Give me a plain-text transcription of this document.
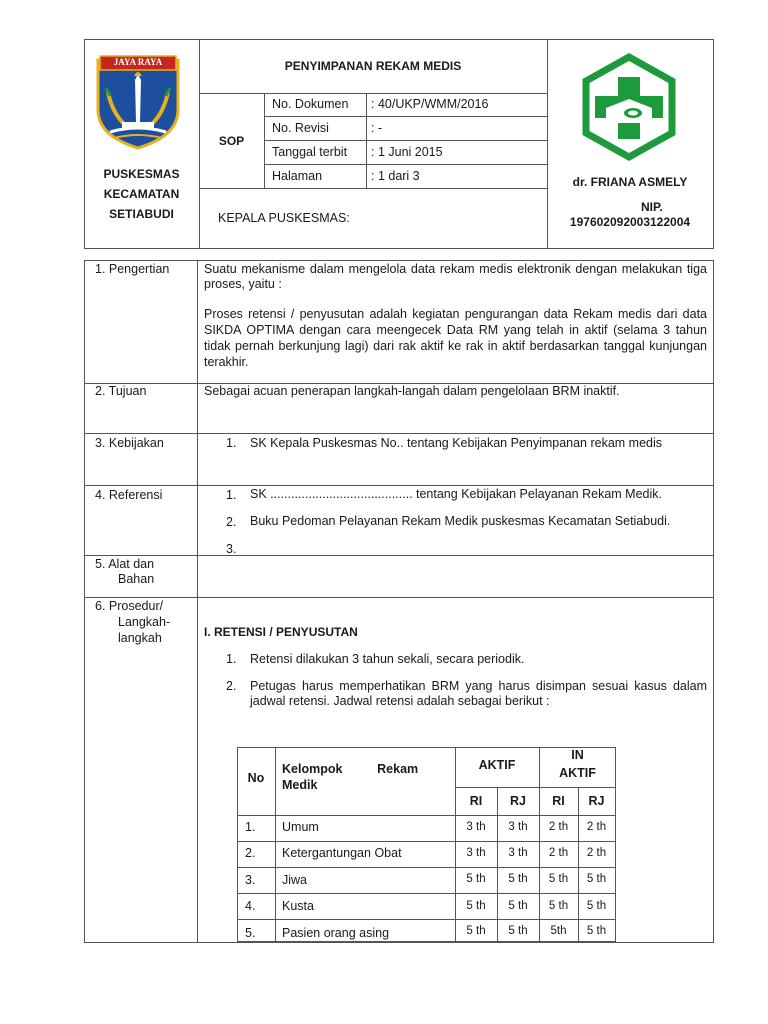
JAYA RAYA
PUSKESMAS
KECAMATAN
SETIABUDI
PENYIMPANAN REKAM MEDIS
SOP
No. Dokumen : 40/UKP/WMM/2016
No. Revisi	: -
Tanggal terbit : 1 Juni 2015
Halaman	: 1 dari 3
KEPALA PUSKESMAS:
dr. FRIANA ASMELY
NIP.
197602092003122004
1. Pengertian	Suatu mekanisme dalam mengelola data rekam medis elektronik dengan melakukan tiga proses, yaitu :
Proses retensi / penyusutan adalah kegiatan pengurangan data Rekam medis dari data SIKDA OPTIMA dengan cara meengecek Data RM yang telah in aktif (selama 3 tahun tidak pernah berkunjung lagi) dari rak aktif ke rak in aktif berdasarkan tanggal kunjungan terakhir.
2. Tujuan	Sebagai acuan penerapan langkah-langah dalam pengelolaan BRM inaktif.
3. Kebijakan	1. SK Kepala Puskesmas No.. tentang Kebijakan Penyimpanan rekam medis
4. Referensi	1. SK ......................................... tentang Kebijakan Pelayanan Rekam Medik.
2. Buku Pedoman Pelayanan Rekam Medik puskesmas Kecamatan Setiabudi.
3.
5. Alat dan
Bahan
6. Prosedur/
Langkah-
langkah	I. RETENSI / PENYUSUTAN
1. Retensi dilakukan 3 tahun sekali, secara periodik.
2. Petugas harus memperhatikan BRM yang harus disimpan sesuai kasus dalam jadwal retensi. Jadwal retensi adalah sebagai berikut :
No
Kelompok          Rekam
Medik
AKTIF
IN
AKTIF
RI	RJ	RI	RJ
1. Umum	3 th	3 th	2 th	2 th
2. Ketergantungan Obat	3 th	3 th	2 th	2 th
3. Jiwa	5 th	5 th	5 th	5 th
4. Kusta	5 th	5 th	5 th	5 th
5. Pasien orang asing	5 th	5 th	5th	5 th
